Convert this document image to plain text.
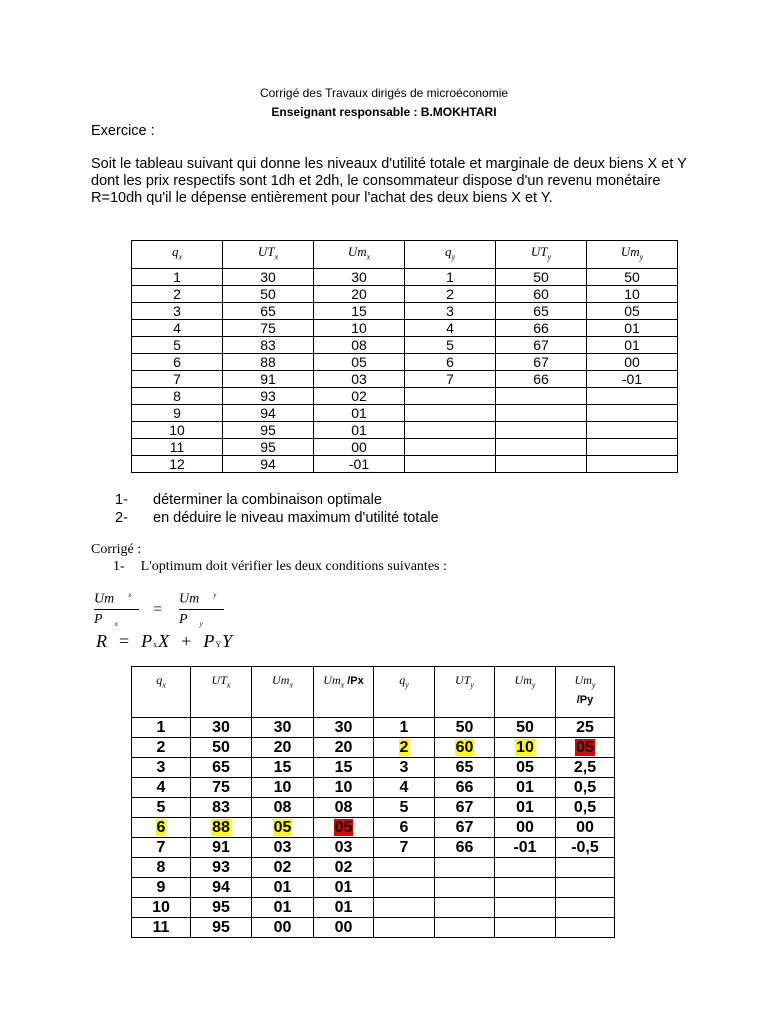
Corrigé des Travaux dirigés de microéconomie
Enseignant responsable : B.MOKHTARI
Exercice :
Soit le tableau suivant qui donne les niveaux d'utilité totale et marginale de deux biens X et Y dont les prix respectifs sont 1dh et 2dh, le consommateur dispose d'un revenu monétaire R=10dh qu'il le dépense entièrement pour l'achat des deux biens X et Y.
$q_x$	$UT_x$	$Um_x$	$q_y$	$UT_y$	$Um_y$
1	30	30	1	50	50
2	50	20	2	60	10
3	65	15	3	65	05
4	75	10	4	66	01
5	83	08	5	67	01
6	88	05	6	67	00
7	91	03	7	66	-01
8	93	02			
9	94	01			
10	95	01			
11	95	00			
12	94	-01			
1-	déterminer la combinaison optimale
2-	en déduire le niveau maximum d'utilité totale
Corrigé :
1- L'optimum doit vérifier les deux conditions suivantes :
Um $^x$
P $_x$
=
Um $^y$
P $_y$
R = PxX + PYY
$q_x$	$UT_x$	$Um_x$	$Um_x$ /Px	$q_y$	$UT_y$	$Um_y$	$Um_y$
/Py
1	30	30	30	1	50	50	25
2	50	20	20	2	60	10	05
3	65	15	15	3	65	05	2,5
4	75	10	10	4	66	01	0,5
5	83	08	08	5	67	01	0,5
6	88	05	05	6	67	00	00
7	91	03	03	7	66	-01	-0,5
8	93	02	02				
9	94	01	01				
10	95	01	01				
11	95	00	00				
